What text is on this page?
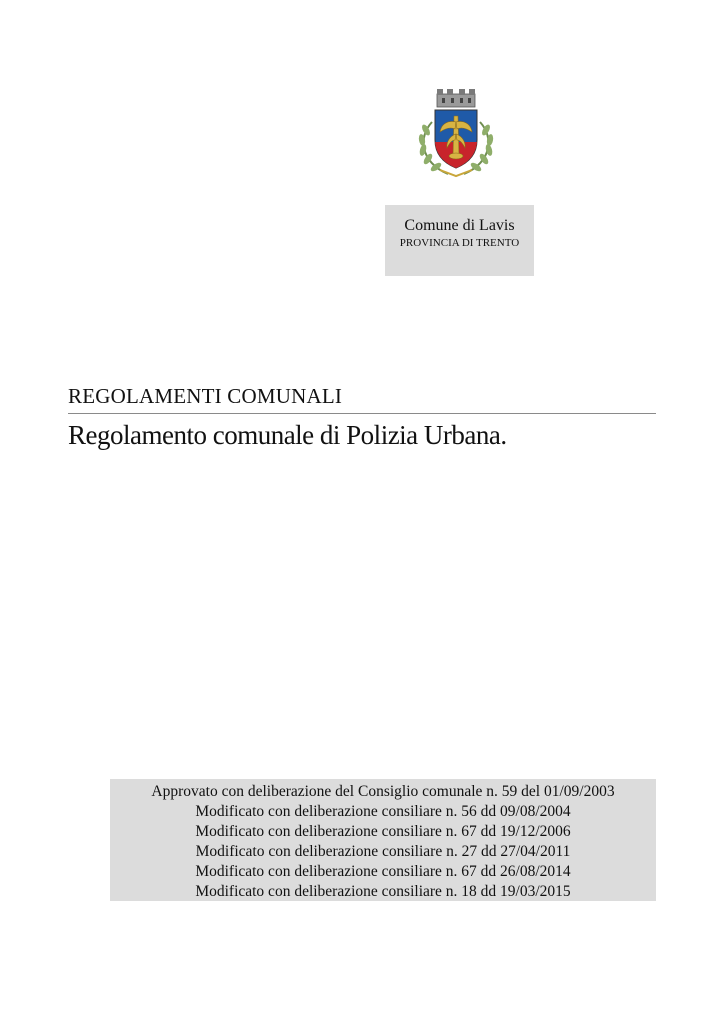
Comune di Lavis
PROVINCIA DI TRENTO
REGOLAMENTI COMUNALI
Regolamento comunale di Polizia Urbana.
Approvato con deliberazione del Consiglio comunale n. 59 del 01/09/2003
Modificato con deliberazione consiliare n. 56 dd 09/08/2004
Modificato con deliberazione consiliare n. 67 dd 19/12/2006
Modificato con deliberazione consiliare n. 27 dd 27/04/2011
Modificato con deliberazione consiliare n. 67 dd 26/08/2014
Modificato con deliberazione consiliare n. 18 dd 19/03/2015
